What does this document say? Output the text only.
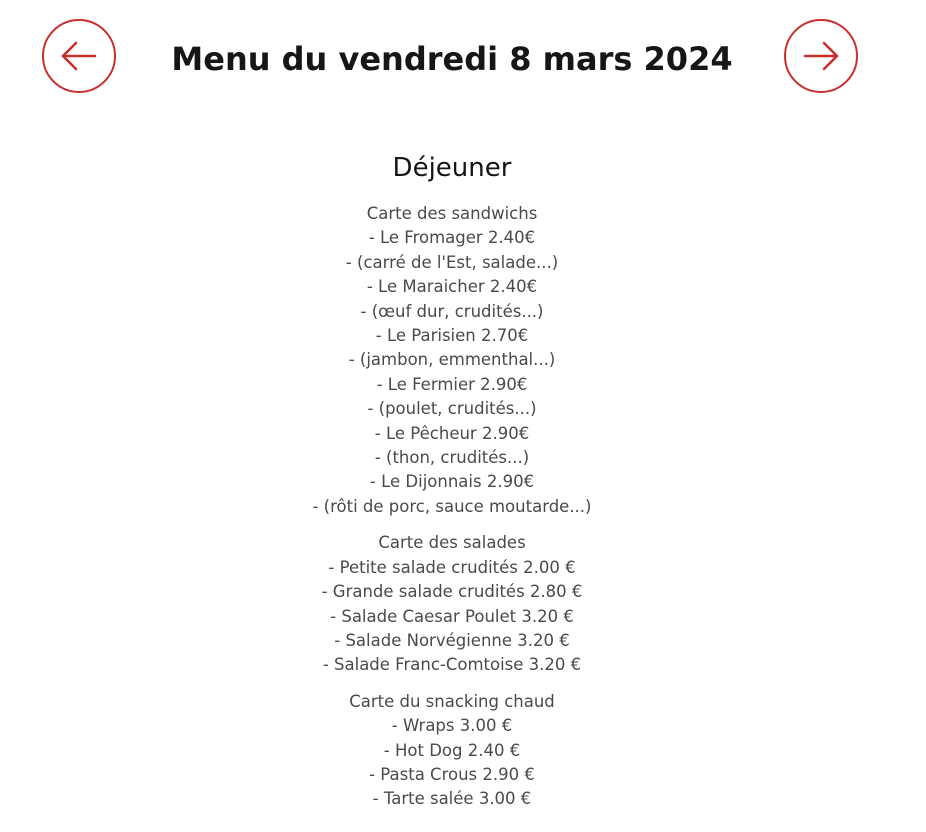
Menu du vendredi 8 mars 2024
Déjeuner
Carte des sandwichs
- Le Fromager 2.40€
- (carré de l'Est, salade...)
- Le Maraicher 2.40€
- (œuf dur, crudités...)
- Le Parisien 2.70€
- (jambon, emmenthal...)
- Le Fermier 2.90€
- (poulet, crudités...)
- Le Pêcheur 2.90€
- (thon, crudités...)
- Le Dijonnais 2.90€
- (rôti de porc, sauce moutarde...)
Carte des salades
- Petite salade crudités 2.00 €
- Grande salade crudités 2.80 €
- Salade Caesar Poulet 3.20 €
- Salade Norvégienne 3.20 €
- Salade Franc-Comtoise 3.20 €
Carte du snacking chaud
- Wraps 3.00 €
- Hot Dog 2.40 €
- Pasta Crous 2.90 €
- Tarte salée 3.00 €
